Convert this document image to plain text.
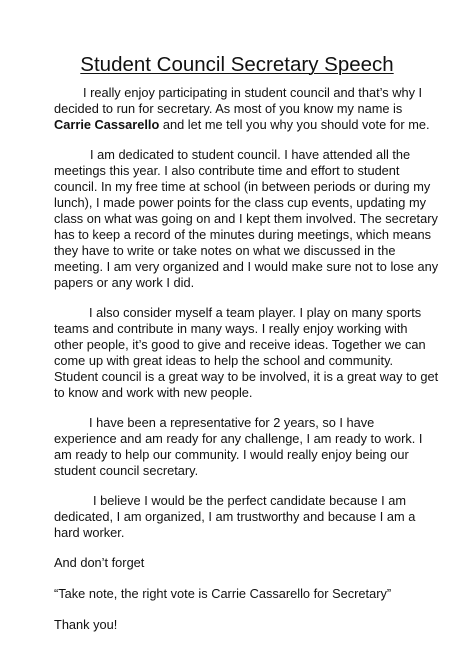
Student Council Secretary Speech

I really enjoy participating in student council and that’s why I decided to run for secretary. As most of you know my name is Carrie Cassarello and let me tell you why you should vote for me.

I am dedicated to student council. I have attended all the meetings this year. I also contribute time and effort to student council. In my free time at school (in between periods or during my lunch), I made power points for the class cup events, updating my class on what was going on and I kept them involved. The secretary has to keep a record of the minutes during meetings, which means they have to write or take notes on what we discussed in the meeting. I am very organized and I would make sure not to lose any papers or any work I did.

I also consider myself a team player. I play on many sports teams and contribute in many ways. I really enjoy working with other people, it’s good to give and receive ideas. Together we can come up with great ideas to help the school and community. Student council is a great way to be involved, it is a great way to get to know and work with new people.

I have been a representative for 2 years, so I have experience and am ready for any challenge, I am ready to work. I am ready to help our community. I would really enjoy being our student council secretary.

I believe I would be the perfect candidate because I am dedicated, I am organized, I am trustworthy and because I am a hard worker.

And don’t forget

“Take note, the right vote is Carrie Cassarello for Secretary”

Thank you!
